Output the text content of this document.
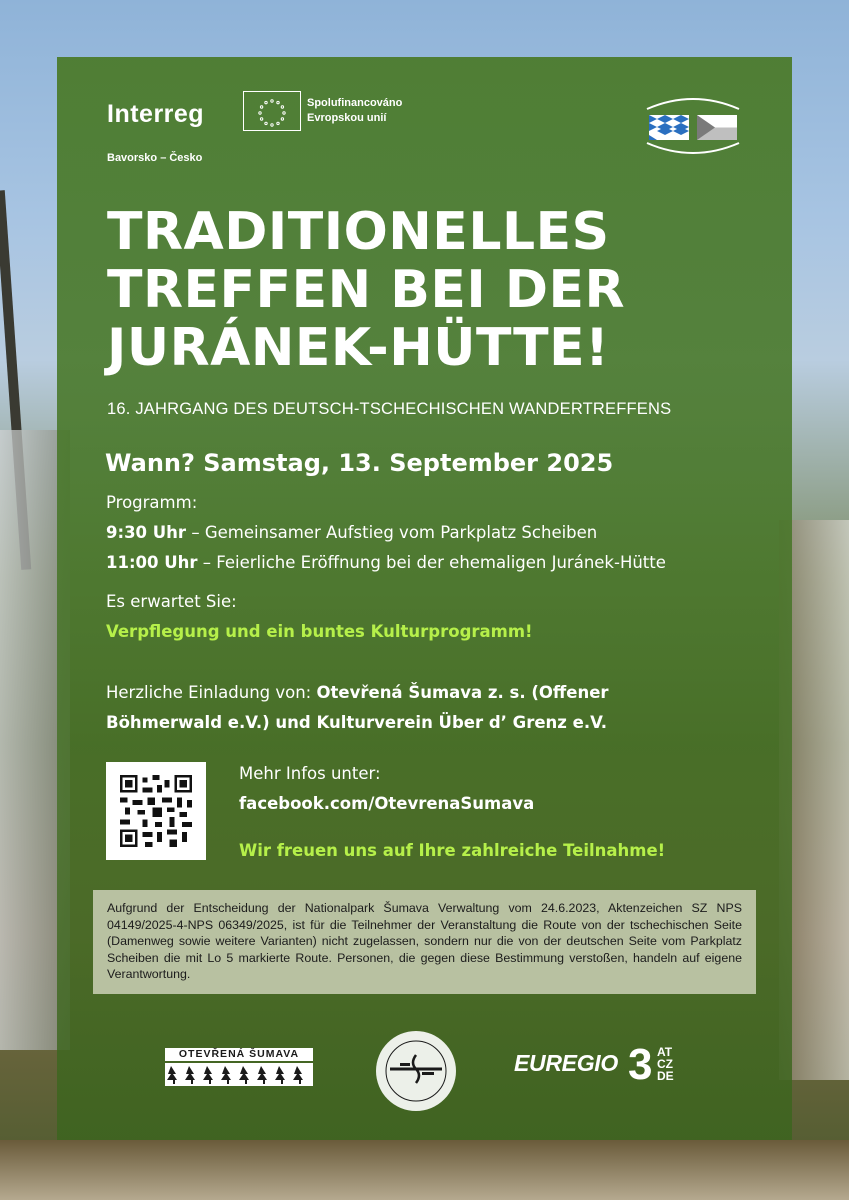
Interreg	Spolufinancováno
Evropskou unií
Bavorsko – Česko
TRADITIONELLES
TREFFEN BEI DER
JURÁNEK-HÜTTE!
16. JAHRGANG DES DEUTSCH-TSCHECHISCHEN WANDERTREFFENS
Wann? Samstag, 13. September 2025
Programm:
9:30 Uhr – Gemeinsamer Aufstieg vom Parkplatz Scheiben
11:00 Uhr – Feierliche Eröffnung bei der ehemaligen Juránek-Hütte
Es erwartet Sie:
Verpflegung und ein buntes Kulturprogramm!
Herzliche Einladung von: Otevřená Šumava z. s. (Offener
Böhmerwald e.V.) und Kulturverein Über d’ Grenz e.V.
Mehr Infos unter:
facebook.com/OtevrenaSumava
Wir freuen uns auf Ihre zahlreiche Teilnahme!
Aufgrund der Entscheidung der Nationalpark Šumava Verwaltung vom 24.6.2023, Aktenzeichen SZ NPS 04149/2025-4-NPS 06349/2025, ist für die Teilnehmer der Veranstaltung die Route von der tschechischen Seite (Damenweg sowie weitere Varianten) nicht zugelassen, sondern nur die von der deutschen Seite vom Parkplatz Scheiben die mit Lo 5 markierte Route. Personen, die gegen diese Bestimmung verstoßen, handeln auf eigene Verantwortung.
OTEVŘENÁ ŠUMAVA	EUREGIO 3 AT
CZ
DE
